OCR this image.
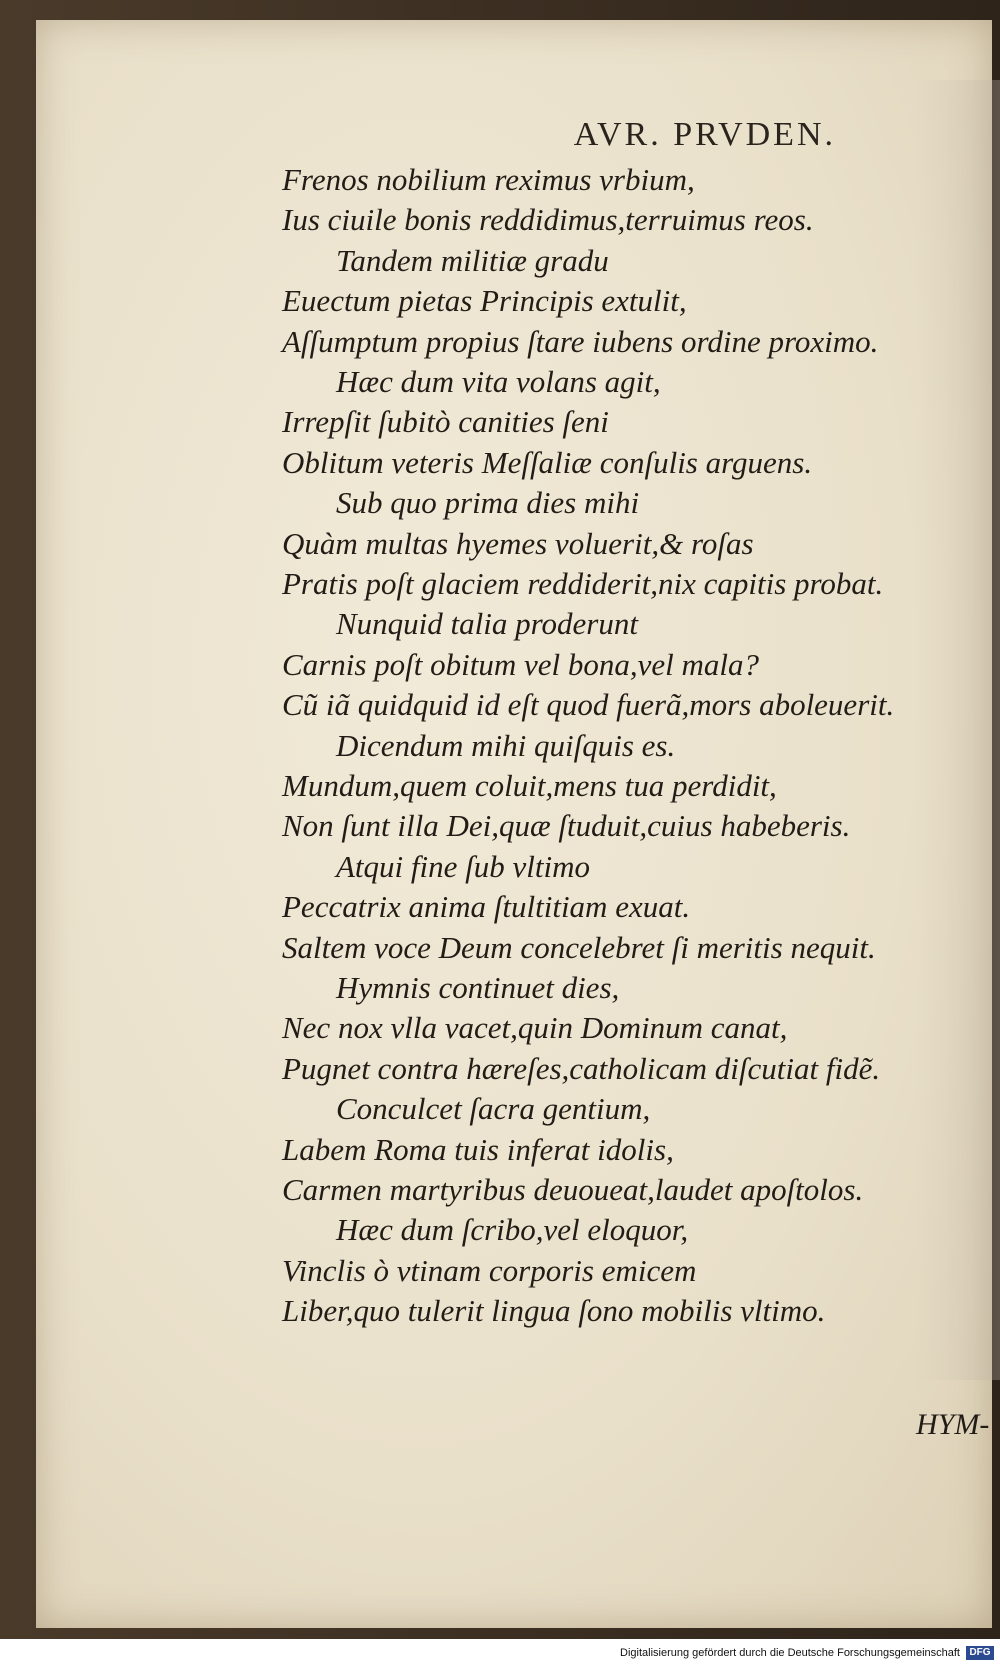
AVR. PRVDEN.
Frenos nobilium reximus vrbium,
Ius ciuile bonis reddidimus,terruimus reos.
Tandem militiæ gradu
Euectum pietas Principis extulit,
Aſſumptum propius ſtare iubens ordine proximo.
Hæc dum vita volans agit,
Irrepſit ſubitò canities ſeni
Oblitum veteris Meſſaliæ conſulis arguens.
Sub quo prima dies mihi
Quàm multas hyemes voluerit,& roſas
Pratis poſt glaciem reddiderit,nix capitis probat.
Nunquid talia proderunt
Carnis poſt obitum vel bona,vel mala?
Cũ iã quidquid id eſt quod fuerã,mors aboleuerit.
Dicendum mihi quiſquis es.
Mundum,quem coluit,mens tua perdidit,
Non ſunt illa Dei,quæ ſtuduit,cuius habeberis.
Atqui fine ſub vltimo
Peccatrix anima ſtultitiam exuat.
Saltem voce Deum concelebret ſi meritis nequit.
Hymnis continuet dies,
Nec nox vlla vacet,quin Dominum canat,
Pugnet contra hæreſes,catholicam diſcutiat fidẽ.
Conculcet ſacra gentium,
Labem Roma tuis inferat idolis,
Carmen martyribus deuoueat,laudet apoſtolos.
Hæc dum ſcribo,vel eloquor,
Vinclis ò vtinam corporis emicem
Liber,quo tulerit lingua ſono mobilis vltimo.
HYM-
Digitalisierung gefördert durch die Deutsche Forschungsgemeinschaft DFG
